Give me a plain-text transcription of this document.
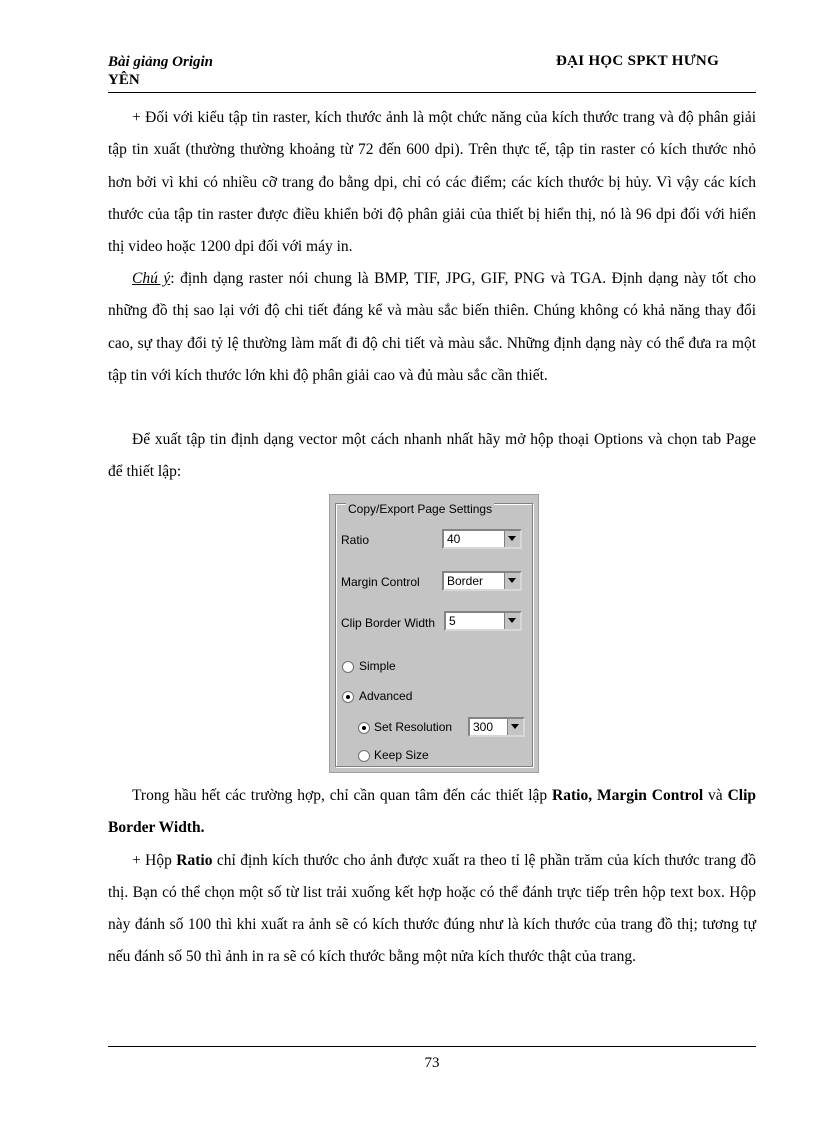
Bài giảng Origin
YÊN
ĐẠI HỌC SPKT HƯNG

+ Đối với kiểu tập tin raster, kích thước ảnh là một chức năng của kích thước trang và độ phân giải tập tin xuất (thường thường khoảng từ 72 đến 600 dpi). Trên thực tế, tập tin raster có kích thước nhỏ hơn bởi vì khi có nhiều cỡ trang đo bằng dpi, chỉ có các điểm; các kích thước bị hủy. Vì vậy các kích thước của tập tin raster được điều khiển bởi độ phân giải của thiết bị hiển thị, nó là 96 dpi đối với hiển thị video hoặc 1200 dpi đối với máy in.

Chú ý: định dạng raster nói chung là BMP, TIF, JPG, GIF, PNG và TGA. Định dạng này tốt cho những đồ thị sao lại với độ chi tiết đáng kể và màu sắc biến thiên. Chúng không có khả năng thay đổi cao, sự thay đổi tỷ lệ thường làm mất đi độ chi tiết và màu sắc. Những định dạng này có thể đưa ra một tập tin với kích thước lớn khi độ phân giải cao và đủ màu sắc cần thiết.

Để xuất tập tin định dạng vector một cách nhanh nhất hãy mở hộp thoại Options và chọn tab Page để thiết lập:

Copy/Export Page Settings
Ratio	40
Margin Control Border
Clip Border Width 5
Simple
Advanced
Set Resolution 300
Keep Size

Trong hầu hết các trường hợp, chỉ cần quan tâm đến các thiết lập Ratio, Margin Control và Clip Border Width.

+ Hộp Ratio chỉ định kích thước cho ảnh được xuất ra theo tỉ lệ phần trăm của kích thước trang đồ thị. Bạn có thể chọn một số từ list trải xuống kết hợp hoặc có thể đánh trực tiếp trên hộp text box. Hộp này đánh số 100 thì khi xuất ra ảnh sẽ có kích thước đúng như là kích thước của trang đồ thị; tương tự nếu đánh số 50 thì ảnh in ra sẽ có kích thước bằng một nửa kích thước thật của trang.

73
